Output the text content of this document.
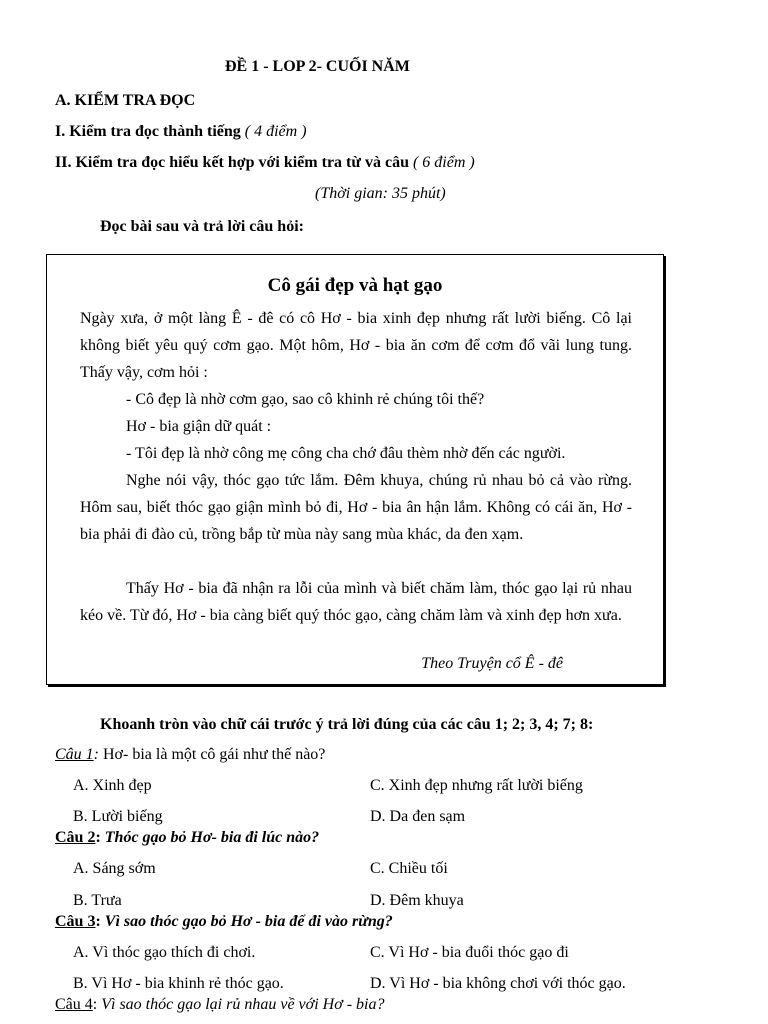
ĐỀ 1 - LOP 2- CUỐI NĂM
A. KIỂM TRA ĐỌC
I. Kiểm tra đọc thành tiếng ( 4 điểm )
II. Kiểm tra đọc hiểu kết hợp với kiểm tra từ và câu ( 6 điểm )
(Thời gian: 35 phút)
Đọc bài sau và trả lời câu hỏi:
Cô gái đẹp và hạt gạo
Ngày xưa, ở một làng Ê - đê có cô Hơ - bia xinh đẹp nhưng rất lười biếng. Cô lại không biết yêu quý cơm gạo. Một hôm, Hơ - bia ăn cơm để cơm đổ vãi lung tung. Thấy vậy, cơm hỏi :
- Cô đẹp là nhờ cơm gạo, sao cô khinh rẻ chúng tôi thế?
Hơ - bia giận dữ quát :
- Tôi đẹp là nhờ công mẹ công cha chớ đâu thèm nhờ đến các người.
Nghe nói vậy, thóc gạo tức lắm. Đêm khuya, chúng rủ nhau bỏ cả vào rừng. Hôm sau, biết thóc gạo giận mình bỏ đi, Hơ - bia ân hận lắm. Không có cái ăn, Hơ - bia phải đi đào củ, trồng bắp từ mùa này sang mùa khác, da đen xạm.
Thấy Hơ - bia đã nhận ra lỗi của mình và biết chăm làm, thóc gạo lại rủ nhau kéo về. Từ đó, Hơ - bia càng biết quý thóc gạo, càng chăm làm và xinh đẹp hơn xưa.
Theo Truyện cổ Ê - đê
Khoanh tròn vào chữ cái trước ý trả lời đúng của các câu 1; 2; 3, 4; 7; 8:
Câu 1: Hơ- bia là một cô gái như thế nào?
A. Xinh đẹp	C. Xinh đẹp nhưng rất lười biếng
B. Lười biếng	D. Da đen sạm
Câu 2: Thóc gạo bỏ Hơ- bia đi lúc nào?
A. Sáng sớm	C. Chiều tối
B. Trưa	D. Đêm khuya
Câu 3: Vì sao thóc gạo bỏ Hơ - bia để đi vào rừng?
A. Vì thóc gạo thích đi chơi.	C. Vì Hơ - bia đuổi thóc gạo đi
B. Vì Hơ - bia khinh rẻ thóc gạo.	D. Vì Hơ - bia không chơi với thóc gạo.
Câu 4: Vì sao thóc gạo lại rủ nhau về với Hơ - bia?
